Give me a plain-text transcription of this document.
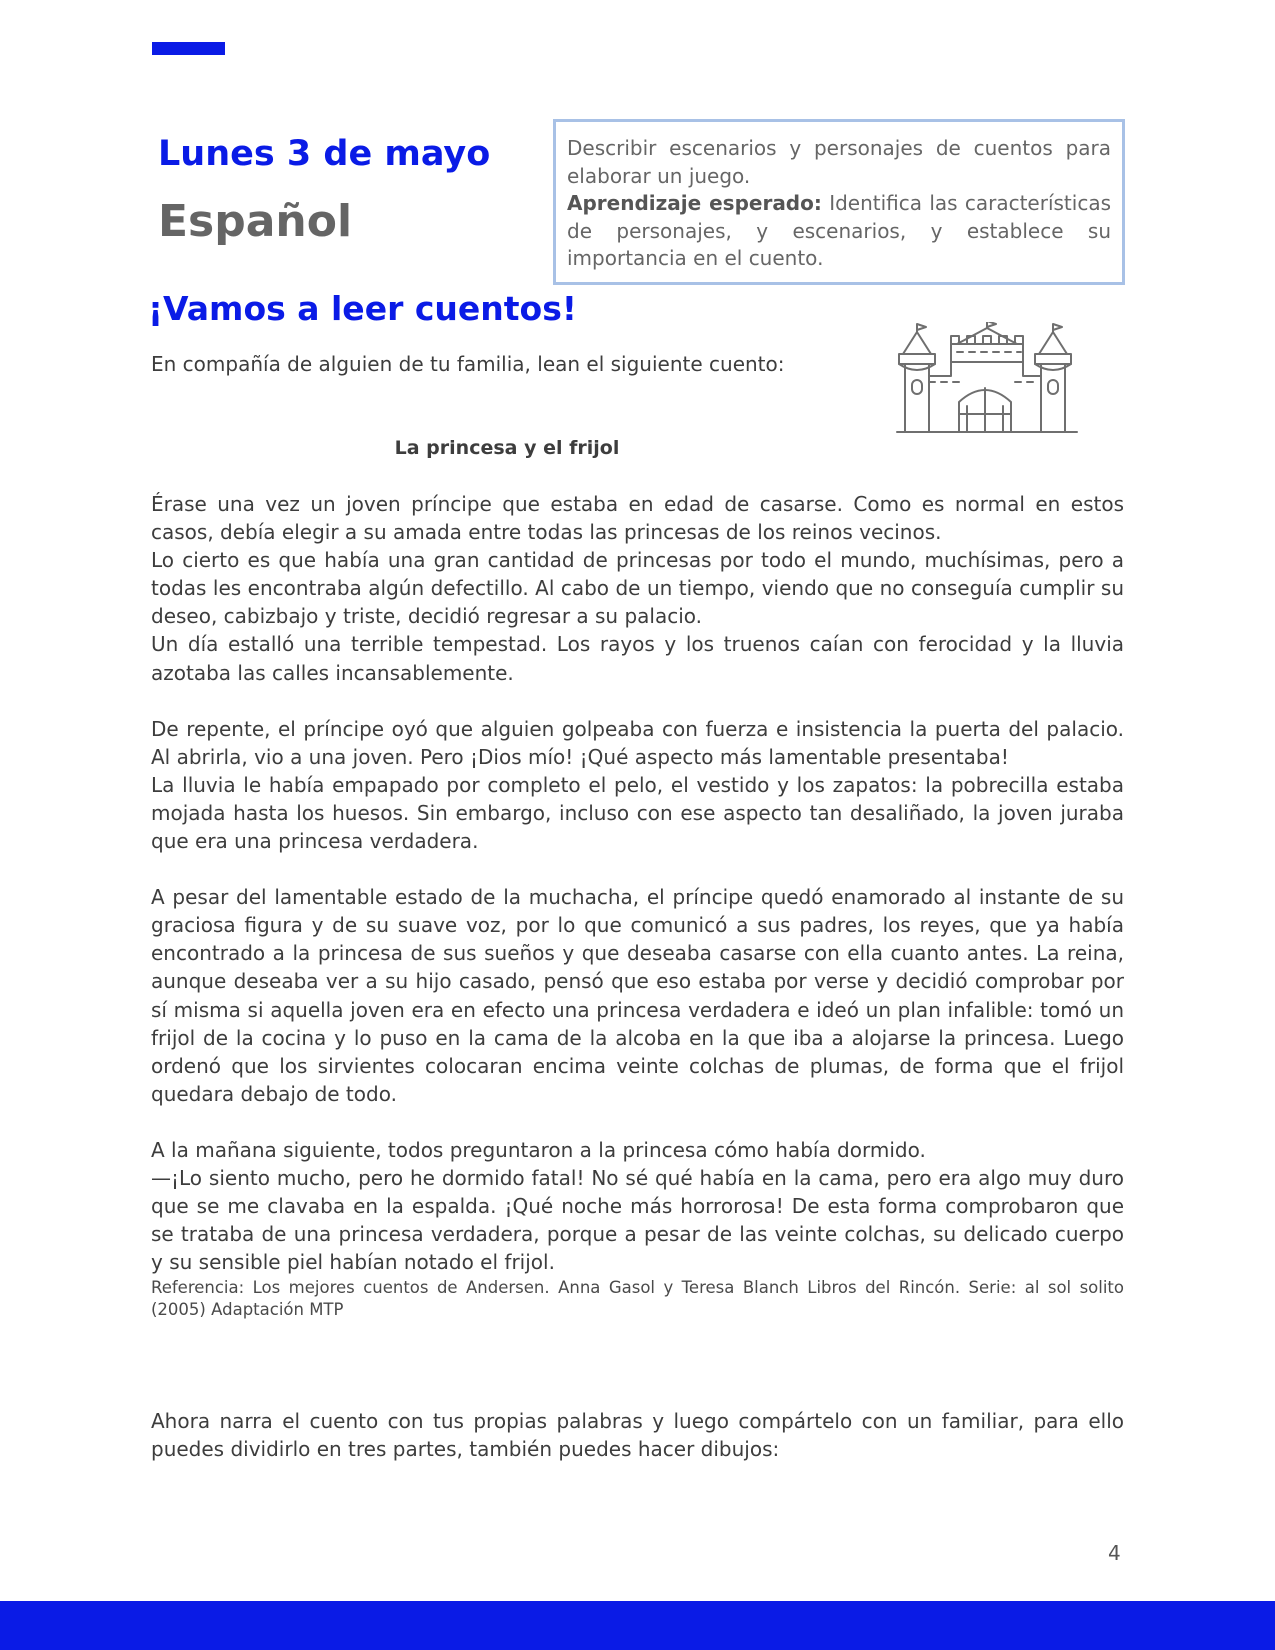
Lunes 3 de mayo
Español

Describir escenarios y personajes de cuentos para elaborar un juego.

Aprendizaje esperado: Identifica las características de personajes, y escenarios, y establece su importancia en el cuento.

¡Vamos a leer cuentos!
En compañía de alguien de tu familia, lean el siguiente cuento:
La princesa y el frijol

Érase una vez un joven príncipe que estaba en edad de casarse. Como es normal en estos casos, debía elegir a su amada entre todas las princesas de los reinos vecinos.

Lo cierto es que había una gran cantidad de princesas por todo el mundo, muchísimas, pero a todas les encontraba algún defectillo. Al cabo de un tiempo, viendo que no conseguía cumplir su deseo, cabizbajo y triste, decidió regresar a su palacio.

Un día estalló una terrible tempestad. Los rayos y los truenos caían con ferocidad y la lluvia azotaba las calles incansablemente.

De repente, el príncipe oyó que alguien golpeaba con fuerza e insistencia la puerta del palacio. Al abrirla, vio a una joven. Pero ¡Dios mío! ¡Qué aspecto más lamentable presentaba!

La lluvia le había empapado por completo el pelo, el vestido y los zapatos: la pobrecilla estaba mojada hasta los huesos. Sin embargo, incluso con ese aspecto tan desaliñado, la joven juraba que era una princesa verdadera.

A pesar del lamentable estado de la muchacha, el príncipe quedó enamorado al instante de su graciosa figura y de su suave voz, por lo que comunicó a sus padres, los reyes, que ya había encontrado a la princesa de sus sueños y que deseaba casarse con ella cuanto antes. La reina, aunque deseaba ver a su hijo casado, pensó que eso estaba por verse y decidió comprobar por sí misma si aquella joven era en efecto una princesa verdadera e ideó un plan infalible: tomó un frijol de la cocina y lo puso en la cama de la alcoba en la que iba a alojarse la princesa. Luego ordenó que los sirvientes colocaran encima veinte colchas de plumas, de forma que el frijol quedara debajo de todo.

A la mañana siguiente, todos preguntaron a la princesa cómo había dormido.

—¡Lo siento mucho, pero he dormido fatal! No sé qué había en la cama, pero era algo muy duro que se me clavaba en la espalda. ¡Qué noche más horrorosa! De esta forma comprobaron que se trataba de una princesa verdadera, porque a pesar de las veinte colchas, su delicado cuerpo y su sensible piel habían notado el frijol.

Referencia: Los mejores cuentos de Andersen. Anna Gasol y Teresa Blanch Libros del Rincón. Serie: al sol solito (2005) Adaptación MTP
Ahora narra el cuento con tus propias palabras y luego compártelo con un familiar, para ello puedes dividirlo en tres partes, también puedes hacer dibujos:
4
